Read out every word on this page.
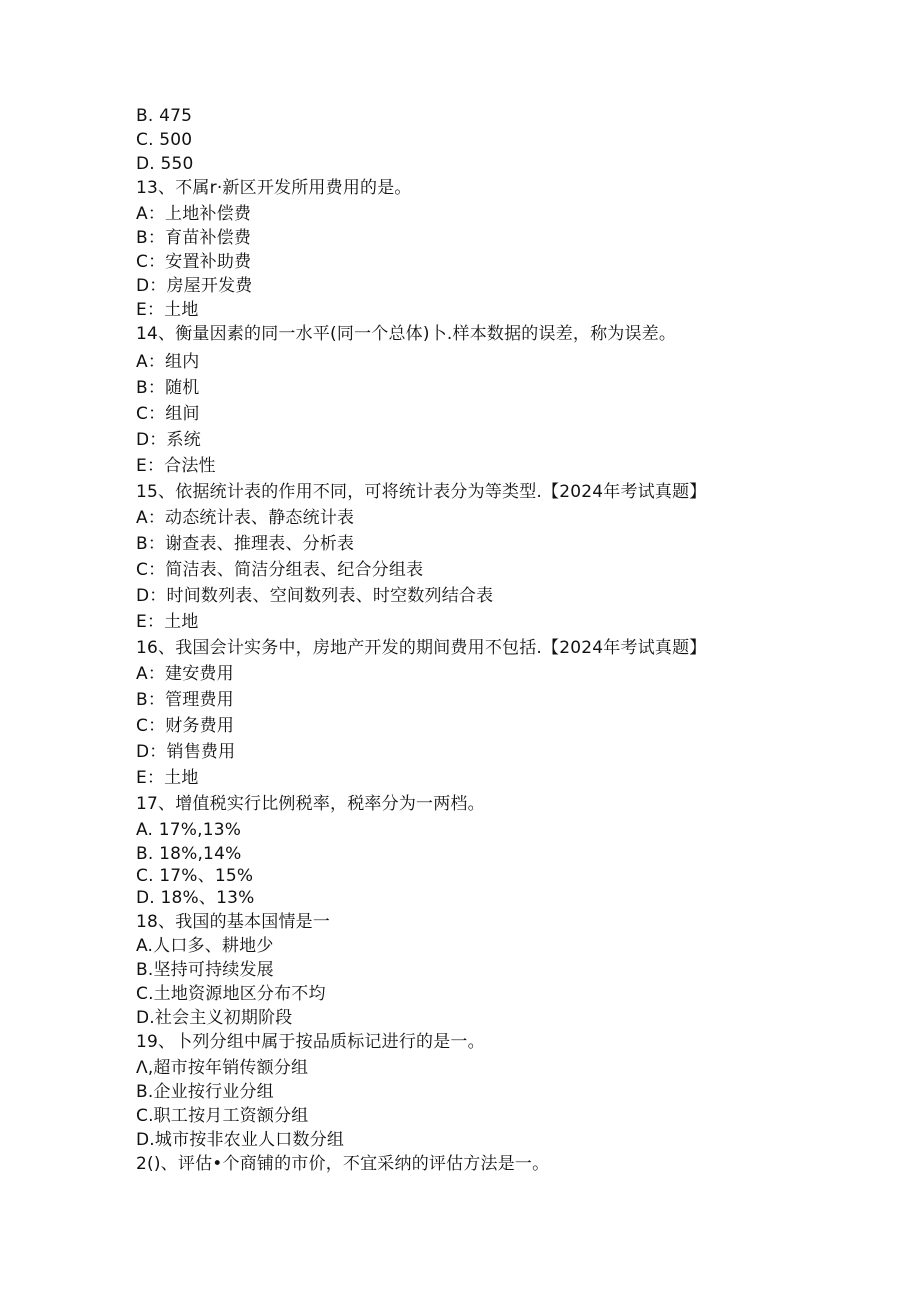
B. 475
C. 500
D. 550
13、不属r·新区开发所用费用的是。
A：上地补偿费
B：育苗补偿费
C：安置补助费
D：房屋开发费
E：土地
14、衡量因素的同一水平(同一个总体)卜.样本数据的误差，称为误差。
A：组内
B：随机
C：组间
D：系统
E：合法性
15、依据统计表的作用不同，可将统计表分为等类型.【2024年考试真题】
A：动态统计表、静态统计表
B：谢查表、推理表、分析表
C：简洁表、简洁分组表、纪合分组表
D：时间数列表、空间数列表、时空数列结合表
E：土地
16、我国会计实务中，房地产开发的期间费用不包括.【2024年考试真题】
A：建安费用
B：管理费用
C：财务费用
D：销售费用
E：土地
17、增值税实行比例税率，税率分为一两档。
A. 17%,13%
B. 18%,14%
C. 17%、15%
D. 18%、13%
18、我国的基本国情是一
A.人口多、耕地少
B.坚持可持续发展
C.土地资源地区分布不均
D.社会主义初期阶段
19、卜列分组中属于按品质标记进行的是一。
Λ,超市按年销传额分组
B.企业按行业分组
C.职工按月工资额分组
D.城市按非农业人口数分组
2()、评估•个商铺的市价，不宜采纳的评估方法是一。
